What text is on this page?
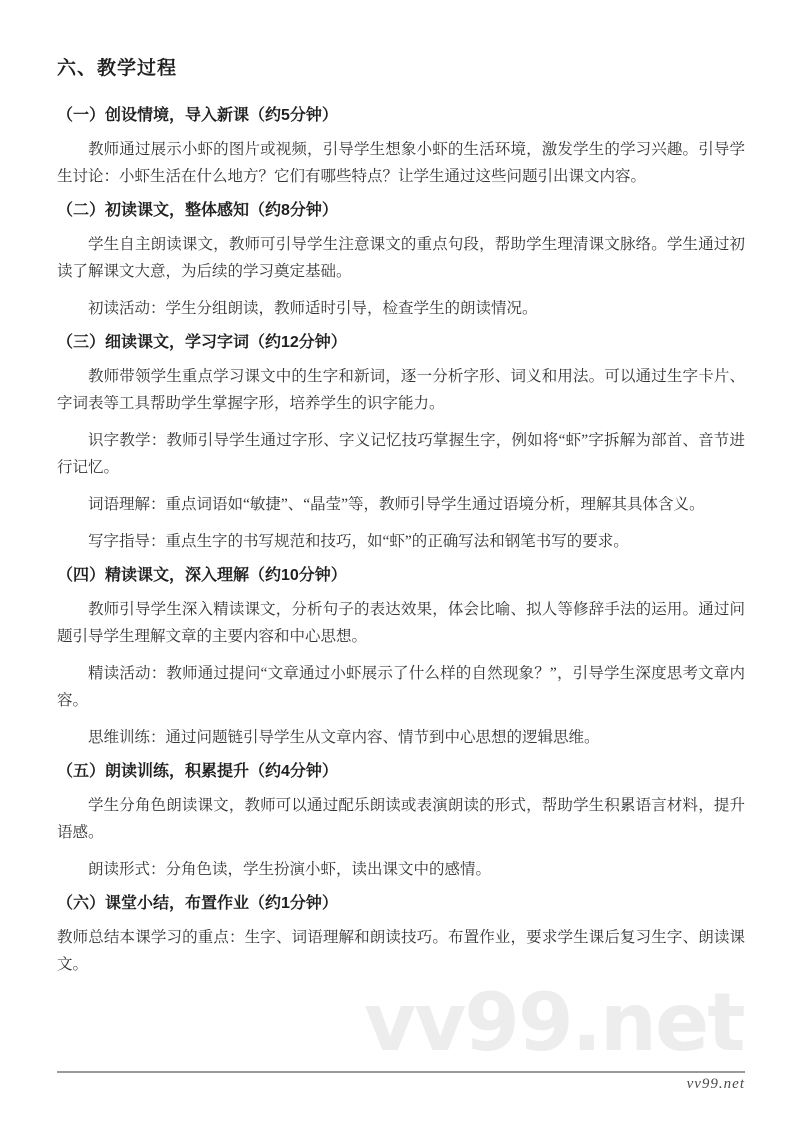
vv99.net
六、教学过程
（一）创设情境，导入新课（约5分钟）

教师通过展示小虾的图片或视频，引导学生想象小虾的生活环境，激发学生的学习兴趣。引导学生讨论：小虾生活在什么地方？它们有哪些特点？让学生通过这些问题引出课文内容。

（二）初读课文，整体感知（约8分钟）

学生自主朗读课文，教师可引导学生注意课文的重点句段，帮助学生理清课文脉络。学生通过初读了解课文大意，为后续的学习奠定基础。

初读活动：学生分组朗读，教师适时引导，检查学生的朗读情况。

（三）细读课文，学习字词（约12分钟）

教师带领学生重点学习课文中的生字和新词，逐一分析字形、词义和用法。可以通过生字卡片、字词表等工具帮助学生掌握字形，培养学生的识字能力。

识字教学：教师引导学生通过字形、字义记忆技巧掌握生字，例如将“虾”字拆解为部首、音节进行记忆。

词语理解：重点词语如“敏捷”、“晶莹”等，教师引导学生通过语境分析，理解其具体含义。

写字指导：重点生字的书写规范和技巧，如“虾”的正确写法和钢笔书写的要求。

（四）精读课文，深入理解（约10分钟）

教师引导学生深入精读课文，分析句子的表达效果，体会比喻、拟人等修辞手法的运用。通过问题引导学生理解文章的主要内容和中心思想。

精读活动：教师通过提问“文章通过小虾展示了什么样的自然现象？”，引导学生深度思考文章内容。

思维训练：通过问题链引导学生从文章内容、情节到中心思想的逻辑思维。

（五）朗读训练，积累提升（约4分钟）

学生分角色朗读课文，教师可以通过配乐朗读或表演朗读的形式，帮助学生积累语言材料，提升语感。

朗读形式：分角色读，学生扮演小虾，读出课文中的感情。

（六）课堂小结，布置作业（约1分钟）

教师总结本课学习的重点：生字、词语理解和朗读技巧。布置作业，要求学生课后复习生字、朗读课文。

vv99.net
